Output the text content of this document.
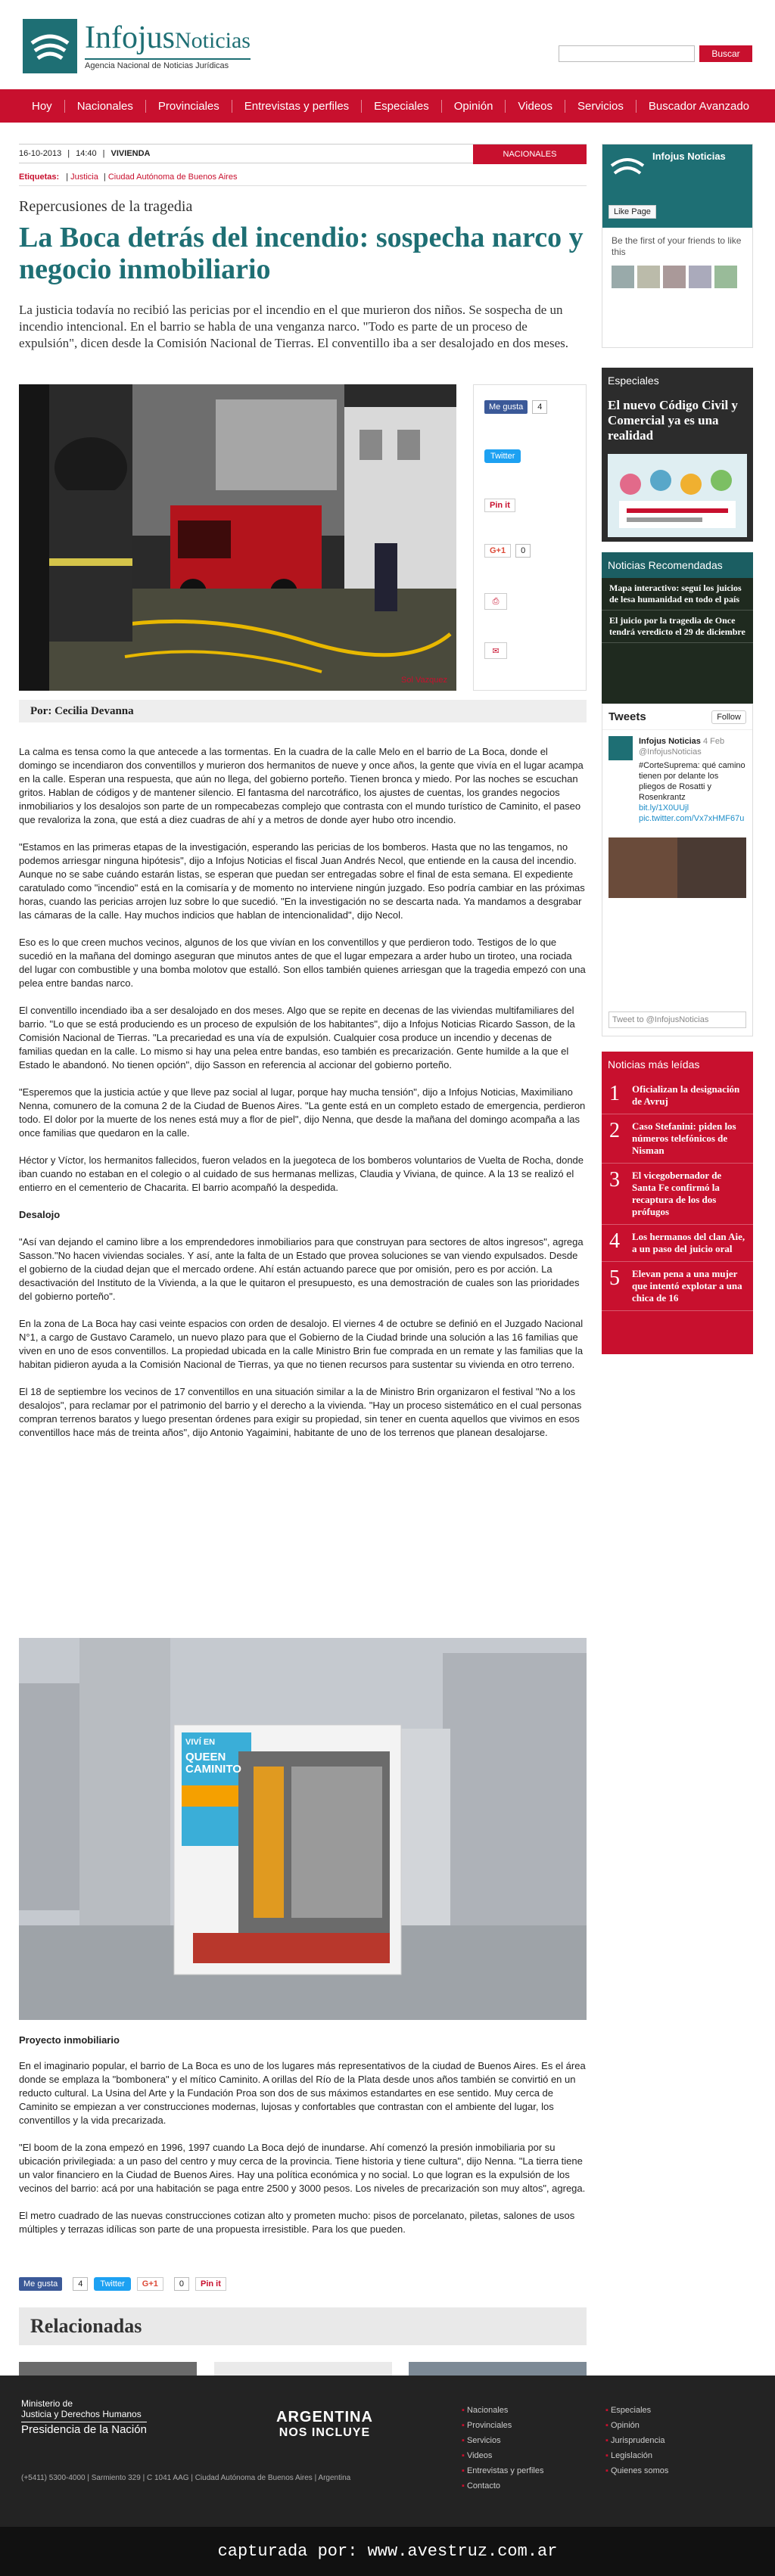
InfojusNoticias
Agencia Nacional de Noticias Jurídicas
Buscar
Hoy	Nacionales	Provinciales	Entrevistas y perfiles	Especiales	Opinión	Videos	Servicios	Buscador Avanzado
16-10-2013 | 14:40 | VIVIENDA	NACIONALES
Etiquetas: | Justicia | Ciudad Autónoma de Buenos Aires
Repercusiones de la tragedia
La Boca detrás del incendio: sospecha narco y negocio inmobiliario

La justicia todavía no recibió las pericias por el incendio en el que murieron dos niños. Se sospecha de un incendio intencional. En el barrio se habla de una venganza narco. "Todo es parte de un proceso de expulsión", dicen desde la Comisión Nacional de Tierras. El conventillo iba a ser desalojado en dos meses.

Sol Vazquez
Me gusta	4
Twitter
Pin it
G+1	0
⎙
✉
Por: Cecilia Devanna

La calma es tensa como la que antecede a las tormentas. En la cuadra de la calle Melo en el barrio de La Boca, donde el domingo se incendiaron dos conventillos y murieron dos hermanitos de nueve y once años, la gente que vivía en el lugar acampa en la calle. Esperan una respuesta, que aún no llega, del gobierno porteño. Tienen bronca y miedo. Por las noches se escuchan gritos. Hablan de códigos y de mantener silencio. El fantasma del narcotráfico, los ajustes de cuentas, los grandes negocios inmobiliarios y los desalojos son parte de un rompecabezas complejo que contrasta con el mundo turístico de Caminito, el paseo que revaloriza la zona, que está a diez cuadras de ahí y a metros de donde ayer hubo otro incendio.

"Estamos en las primeras etapas de la investigación, esperando las pericias de los bomberos. Hasta que no las tengamos, no podemos arriesgar ninguna hipótesis", dijo a Infojus Noticias el fiscal Juan Andrés Necol, que entiende en la causa del incendio. Aunque no se sabe cuándo estarán listas, se esperan que puedan ser entregadas sobre el final de esta semana. El expediente caratulado como "incendio" está en la comisaría y de momento no interviene ningún juzgado. Eso podría cambiar en las próximas horas, cuando las pericias arrojen luz sobre lo que sucedió. "En la investigación no se descarta nada. Ya mandamos a desgrabar las cámaras de la calle. Hay muchos indicios que hablan de intencionalidad", dijo Necol.

Eso es lo que creen muchos vecinos, algunos de los que vivían en los conventillos y que perdieron todo. Testigos de lo que sucedió en la mañana del domingo aseguran que minutos antes de que el lugar empezara a arder hubo un tiroteo, una rociada del lugar con combustible y una bomba molotov que estalló. Son ellos también quienes arriesgan que la tragedia empezó con una pelea entre bandas narco.

El conventillo incendiado iba a ser desalojado en dos meses. Algo que se repite en decenas de las viviendas multifamiliares del barrio. "Lo que se está produciendo es un proceso de expulsión de los habitantes", dijo a Infojus Noticias Ricardo Sasson, de la Comisión Nacional de Tierras. "La precariedad es una vía de expulsión. Cualquier cosa produce un incendio y decenas de familias quedan en la calle. Lo mismo si hay una pelea entre bandas, eso también es precarización. Gente humilde a la que el Estado le abandonó. No tienen opción", dijo Sasson en referencia al accionar del gobierno porteño.

"Esperemos que la justicia actúe y que lleve paz social al lugar, porque hay mucha tensión", dijo a Infojus Noticias, Maximiliano Nenna, comunero de la comuna 2 de la Ciudad de Buenos Aires. "La gente está en un completo estado de emergencia, perdieron todo. El dolor por la muerte de los nenes está muy a flor de piel", dijo Nenna, que desde la mañana del domingo acompaña a las once familias que quedaron en la calle.

Héctor y Víctor, los hermanitos fallecidos, fueron velados en la juegoteca de los bomberos voluntarios de Vuelta de Rocha, donde iban cuando no estaban en el colegio o al cuidado de sus hermanas mellizas, Claudia y Viviana, de quince. A la 13 se realizó el entierro en el cementerio de Chacarita. El barrio acompañó la despedida.

Desalojo

"Así van dejando el camino libre a los emprendedores inmobiliarios para que construyan para sectores de altos ingresos", agrega Sasson."No hacen viviendas sociales. Y así, ante la falta de un Estado que provea soluciones se van viendo expulsados. Desde el gobierno de la ciudad dejan que el mercado ordene. Ahí están actuando parece que por omisión, pero es por acción. La desactivación del Instituto de la Vivienda, a la que le quitaron el presupuesto, es una demostración de cuales son las prioridades del gobierno porteño".

En la zona de La Boca hay casi veinte espacios con orden de desalojo. El viernes 4 de octubre se definió en el Juzgado Nacional N°1, a cargo de Gustavo Caramelo, un nuevo plazo para que el Gobierno de la Ciudad brinde una solución a las 16 familias que viven en uno de esos conventillos. La propiedad ubicada en la calle Ministro Brin fue comprada en un remate y las familias que la habitan pidieron ayuda a la Comisión Nacional de Tierras, ya que no tienen recursos para sustentar su vivienda en otro terreno.

El 18 de septiembre los vecinos de 17 conventillos en una situación similar a la de Ministro Brin organizaron el festival "No a los desalojos", para reclamar por el patrimonio del barrio y el derecho a la vivienda. "Hay un proceso sistemático en el cual personas compran terrenos baratos y luego presentan órdenes para exigir su propiedad, sin tener en cuenta aquellos que vivimos en esos conventillos hace más de treinta años", dijo Antonio Yagaimini, habitante de uno de los terrenos que planean desalojarse.

VIVÍ EN
QUEEN CAMINITO
Proyecto inmobiliario

En el imaginario popular, el barrio de La Boca es uno de los lugares más representativos de la ciudad de Buenos Aires. Es el área donde se emplaza la "bombonera" y el mítico Caminito. A orillas del Río de la Plata desde unos años también se convirtió en un reducto cultural. La Usina del Arte y la Fundación Proa son dos de sus máximos estandartes en ese sentido. Muy cerca de Caminito se empiezan a ver construcciones modernas, lujosas y confortables que contrastan con el ambiente del lugar, los conventillos y la vida precarizada.

"El boom de la zona empezó en 1996, 1997 cuando La Boca dejó de inundarse. Ahí comenzó la presión inmobiliaria por su ubicación privilegiada: a un paso del centro y muy cerca de la provincia. Tiene historia y tiene cultura", dijo Nenna. "La tierra tiene un valor financiero en la Ciudad de Buenos Aires. Hay una política económica y no social. Lo que logran es la expulsión de los vecinos del barrio: acá por una habitación se paga entre 2500 y 3000 pesos. Los niveles de precarización son muy altos", agrega.

El metro cuadrado de las nuevas construcciones cotizan alto y prometen mucho: pisos de porcelanato, piletas, salones de usos múltiples y terrazas idílicas son parte de una propuesta irresistible. Para los que pueden.

Me gusta	4	Twitter	G+1	0	Pin it
Relacionadas
Infojus Noticias
Like Page
Be the first of your friends to like this
Especiales
El nuevo Código Civil y Comercial ya es una realidad
Noticias Recomendadas
Mapa interactivo: seguí los juicios de lesa humanidad en todo el país
El juicio por la tragedia de Once tendrá veredicto el 29 de diciembre
Tweets	Follow
Infojus Noticias 4 Feb
@InfojusNoticias
#CorteSuprema: qué camino tienen por delante los pliegos de Rosatti y Rosenkrantz
bit.ly/1X0UUjl pic.twitter.com/Vx7xHMF67u
Tweet to @InfojusNoticias
Noticias más leídas
1	Oficializan la designación de Avruj
2	Caso Stefanini: piden los números telefónicos de Nisman
3	El vicegobernador de Santa Fe confirmó la recaptura de los dos prófugos
4	Los hermanos del clan Aie, a un paso del juicio oral
5	Elevan pena a una mujer que intentó explotar a una chica de 16
Ministerio de
Justicia y Derechos Humanos
Presidencia de la Nación
ARGENTINA
NOS INCLUYE
(+5411) 5300-4000 | Sarmiento 329 | C 1041 AAG | Ciudad Autónoma de Buenos Aires | Argentina
▪ Nacionales
▪ Provinciales
▪ Servicios
▪ Videos
▪ Entrevistas y perfiles
▪ Contacto
▪ Especiales
▪ Opinión
▪ Jurisprudencia
▪ Legislación
▪ Quienes somos
capturada por: www.avestruz.com.ar
